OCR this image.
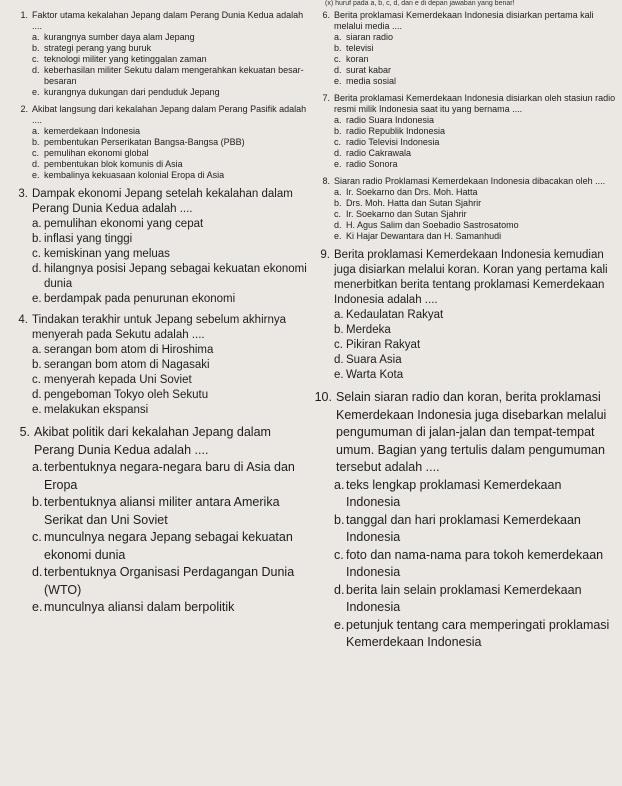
(x) huruf pada a, b, c, d, dan e di depan jawaban yang benar!
1. Faktor utama kekalahan Jepang dalam Perang Dunia Kedua adalah ....
a. kurangnya sumber daya alam Jepang
b. strategi perang yang buruk
c. teknologi militer yang ketinggalan zaman
d. keberhasilan militer Sekutu dalam mengerahkan kekuatan besar-besaran
e. kurangnya dukungan dari penduduk Jepang
2. Akibat langsung dari kekalahan Jepang dalam Perang Pasifik adalah ....
a. kemerdekaan Indonesia
b. pembentukan Perserikatan Bangsa-Bangsa (PBB)
c. pemulihan ekonomi global
d. pembentukan blok komunis di Asia
e. kembalinya kekuasaan kolonial Eropa di Asia
3. Dampak ekonomi Jepang setelah kekalahan dalam Perang Dunia Kedua adalah ....
a. pemulihan ekonomi yang cepat
b. inflasi yang tinggi
c. kemiskinan yang meluas
d. hilangnya posisi Jepang sebagai kekuatan ekonomi dunia
e. berdampak pada penurunan ekonomi
4. Tindakan terakhir untuk Jepang sebelum akhirnya menyerah pada Sekutu adalah ....
a. serangan bom atom di Hiroshima
b. serangan bom atom di Nagasaki
c. menyerah kepada Uni Soviet
d. pengeboman Tokyo oleh Sekutu
e. melakukan ekspansi
5. Akibat politik dari kekalahan Jepang dalam Perang Dunia Kedua adalah ....
a. terbentuknya negara-negara baru di Asia dan Eropa
b. terbentuknya aliansi militer antara Amerika Serikat dan Uni Soviet
c. munculnya negara Jepang sebagai kekuatan ekonomi dunia
d. terbentuknya Organisasi Perdagangan Dunia (WTO)
e. munculnya aliansi dalam berpolitik
6. Berita proklamasi Kemerdekaan Indonesia disiarkan pertama kali melalui media ....
a. siaran radio
b. televisi
c. koran
d. surat kabar
e. media sosial
7. Berita proklamasi Kemerdekaan Indonesia disiarkan oleh stasiun radio resmi milik Indonesia saat itu yang bernama ....
a. radio Suara Indonesia
b. radio Republik Indonesia
c. radio Televisi Indonesia
d. radio Cakrawala
e. radio Sonora
8. Siaran radio Proklamasi Kemerdekaan Indonesia dibacakan oleh ....
a. Ir. Soekarno dan Drs. Moh. Hatta
b. Drs. Moh. Hatta dan Sutan Sjahrir
c. Ir. Soekarno dan Sutan Sjahrir
d. H. Agus Salim dan Soebadio Sastrosatomo
e. Ki Hajar Dewantara dan H. Samanhudi
9. Berita proklamasi Kemerdekaan Indonesia kemudian juga disiarkan melalui koran. Koran yang pertama kali menerbitkan berita tentang proklamasi Kemerdekaan Indonesia adalah ....
a. Kedaulatan Rakyat
b. Merdeka
c. Pikiran Rakyat
d. Suara Asia
e. Warta Kota
10. Selain siaran radio dan koran, berita proklamasi Kemerdekaan Indonesia juga disebarkan melalui pengumuman di jalan-jalan dan tempat-tempat umum. Bagian yang tertulis dalam pengumuman tersebut adalah ....
a. teks lengkap proklamasi Kemerdekaan Indonesia
b. tanggal dan hari proklamasi Kemerdekaan Indonesia
c. foto dan nama-nama para tokoh kemerdekaan Indonesia
d. berita lain selain proklamasi Kemerdekaan Indonesia
e. petunjuk tentang cara memperingati proklamasi Kemerdekaan Indonesia
